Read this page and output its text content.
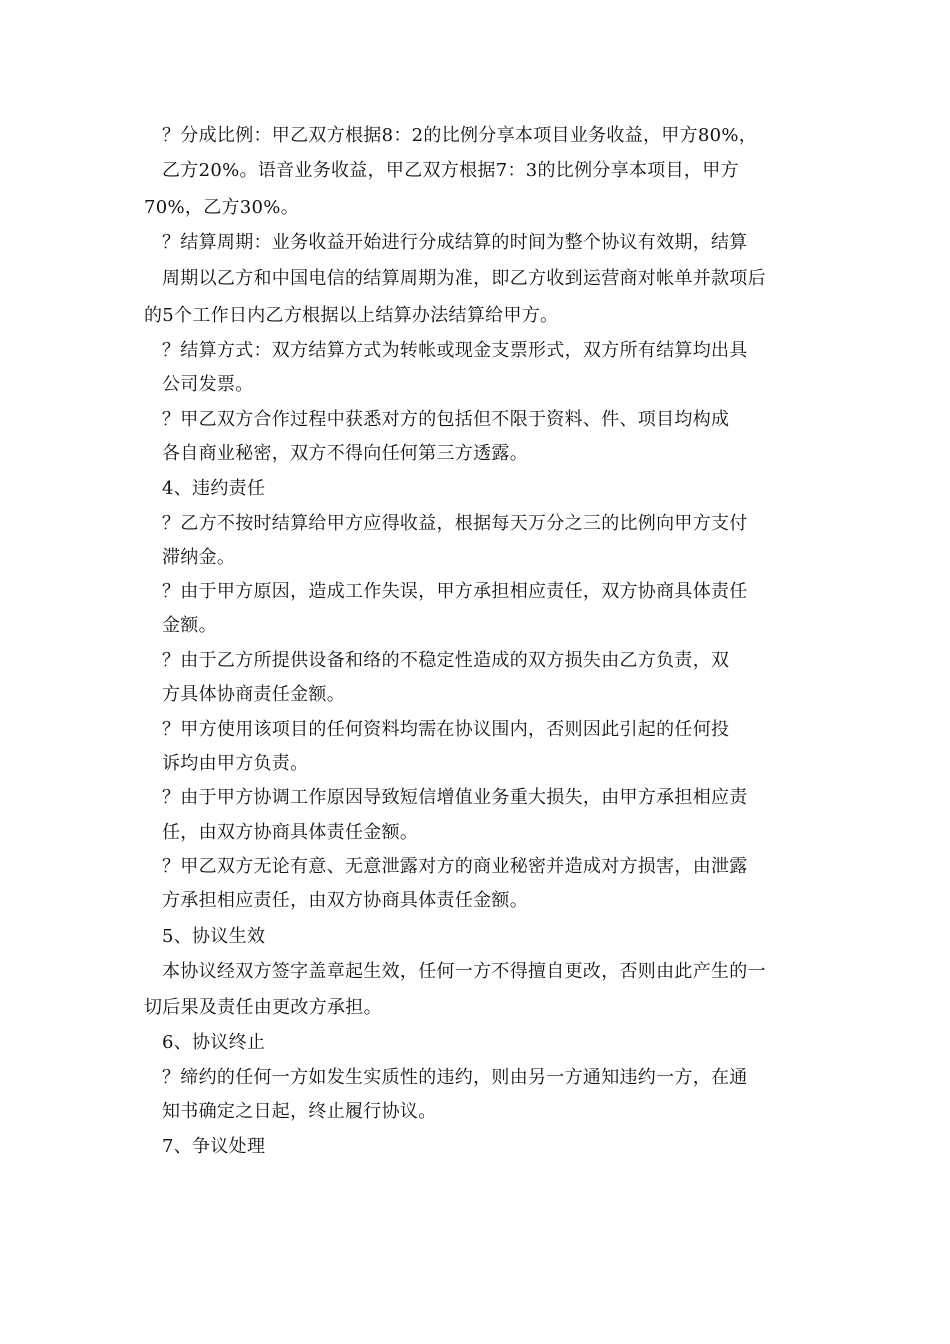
？分成比例：甲乙双方根据8：2的比例分享本项目业务收益，甲方80%，
乙方20%。语音业务收益，甲乙双方根据7：3的比例分享本项目，甲方
70%，乙方30%。
？结算周期：业务收益开始进行分成结算的时间为整个协议有效期，结算
周期以乙方和中国电信的结算周期为准，即乙方收到运营商对帐单并款项后
的5个工作日内乙方根据以上结算办法结算给甲方。
？结算方式：双方结算方式为转帐或现金支票形式，双方所有结算均出具
公司发票。
？甲乙双方合作过程中获悉对方的包括但不限于资料、件、项目均构成
各自商业秘密，双方不得向任何第三方透露。
4、违约责任
？乙方不按时结算给甲方应得收益，根据每天万分之三的比例向甲方支付
滞纳金。
？由于甲方原因，造成工作失误，甲方承担相应责任，双方协商具体责任
金额。
？由于乙方所提供设备和络的不稳定性造成的双方损失由乙方负责，双
方具体协商责任金额。
？甲方使用该项目的任何资料均需在协议围内，否则因此引起的任何投
诉均由甲方负责。
？由于甲方协调工作原因导致短信增值业务重大损失，由甲方承担相应责
任，由双方协商具体责任金额。
？甲乙双方无论有意、无意泄露对方的商业秘密并造成对方损害，由泄露
方承担相应责任，由双方协商具体责任金额。
5、协议生效
本协议经双方签字盖章起生效，任何一方不得擅自更改，否则由此产生的一
切后果及责任由更改方承担。
6、协议终止
？缔约的任何一方如发生实质性的违约，则由另一方通知违约一方，在通
知书确定之日起，终止履行协议。
7、争议处理
